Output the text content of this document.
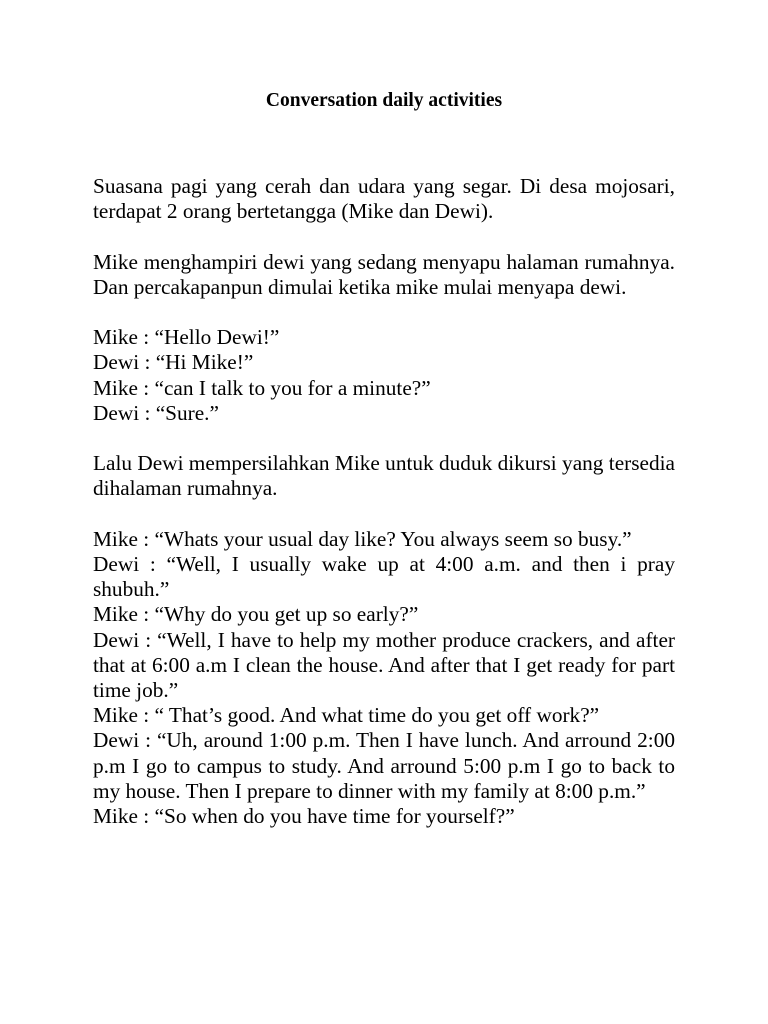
Conversation daily activities

Suasana pagi yang cerah dan udara yang segar. Di desa mojosari, terdapat 2 orang bertetangga (Mike dan Dewi).

Mike menghampiri dewi yang sedang menyapu halaman rumahnya. Dan percakapanpun dimulai ketika mike mulai menyapa dewi.

Mike : “Hello Dewi!”

Dewi : “Hi Mike!”

Mike : “can I talk to you for a minute?”

Dewi : “Sure.”

Lalu Dewi mempersilahkan Mike untuk duduk dikursi yang tersedia dihalaman rumahnya.

Mike : “Whats your usual day like? You always seem so busy.”

Dewi : “Well, I usually wake up at 4:00 a.m. and then i pray shubuh.”

Mike : “Why do you get up so early?”

Dewi : “Well, I have to help my mother produce crackers, and after that at 6:00 a.m I clean the house. And after that I get ready for part time job.”

Mike : “ That’s good. And what time do you get off work?”

Dewi : “Uh, around 1:00 p.m. Then I have lunch. And arround 2:00 p.m I go to campus to study. And arround 5:00 p.m I go to back to my house. Then I prepare to dinner with my family at 8:00 p.m.”

Mike : “So when do you have time for yourself?”
